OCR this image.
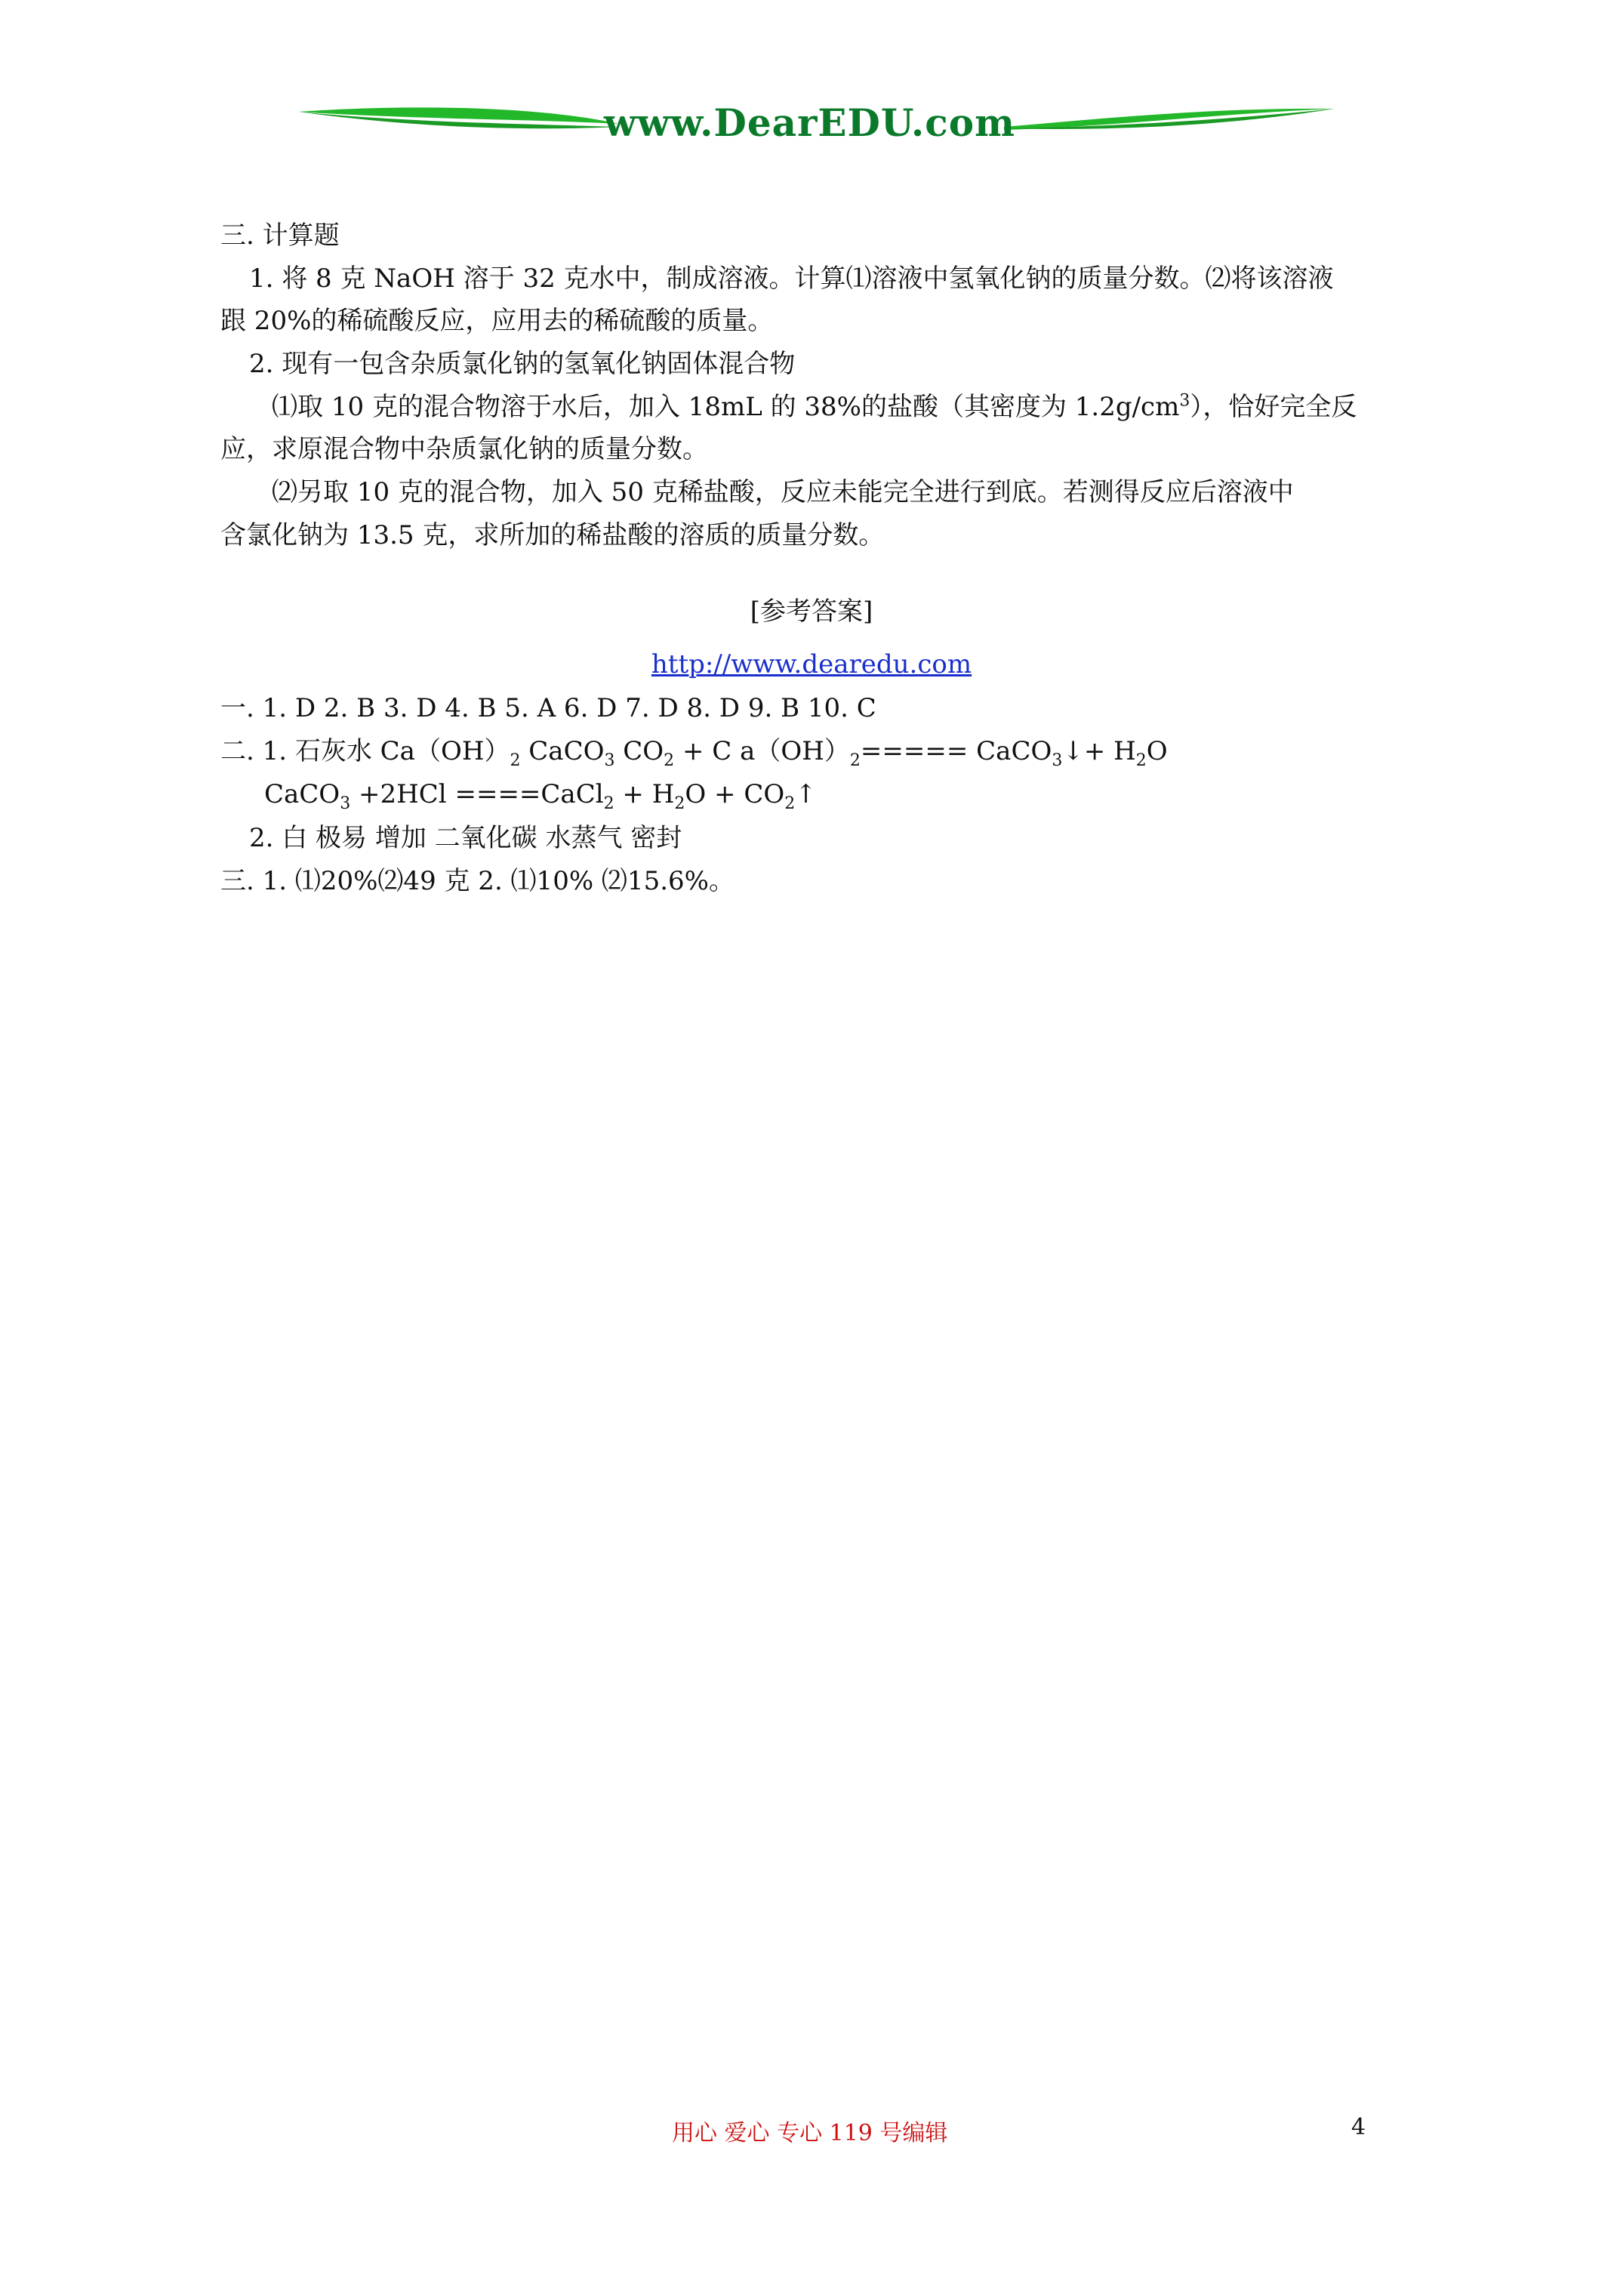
www.DearEDU.com
三. 计算题
1. 将 8 克 NaOH 溶于 32 克水中，制成溶液。计算⑴溶液中氢氧化钠的质量分数。⑵将该溶液
跟 20%的稀硫酸反应，应用去的稀硫酸的质量。
2. 现有一包含杂质氯化钠的氢氧化钠固体混合物
⑴取 10 克的混合物溶于水后，加入 18mL 的 38%的盐酸（其密度为 $1.2g/cm^3$），恰好完全反
应，求原混合物中杂质氯化钠的质量分数。
⑵另取 10 克的混合物，加入 50 克稀盐酸，反应未能完全进行到底。若测得反应后溶液中
含氯化钠为 13.5 克，求所加的稀盐酸的溶质的质量分数。
[参考答案]
http://www.dearedu.com
一. 1. D 2. B 3. D 4. B 5. A 6. D 7. D 8. D 9. B 10. C
二. 1. 石灰水 $Ca(OH)_2$ CaCO$_3$ $CO_2 + C$ $a(OH)_2=====$ CaCO$_3$↓+ $H_2O$
CaCO$_3$ +2HCl ====CaCl$_2$ + $H_2O$ + $CO_2↑$
2. 白 极易 增加 二氧化碳 水蒸气 密封
三. 1. ⑴20%⑵49 克 2. ⑴10% ⑵15.6%。
用心 爱心 专心 119 号编辑	4
